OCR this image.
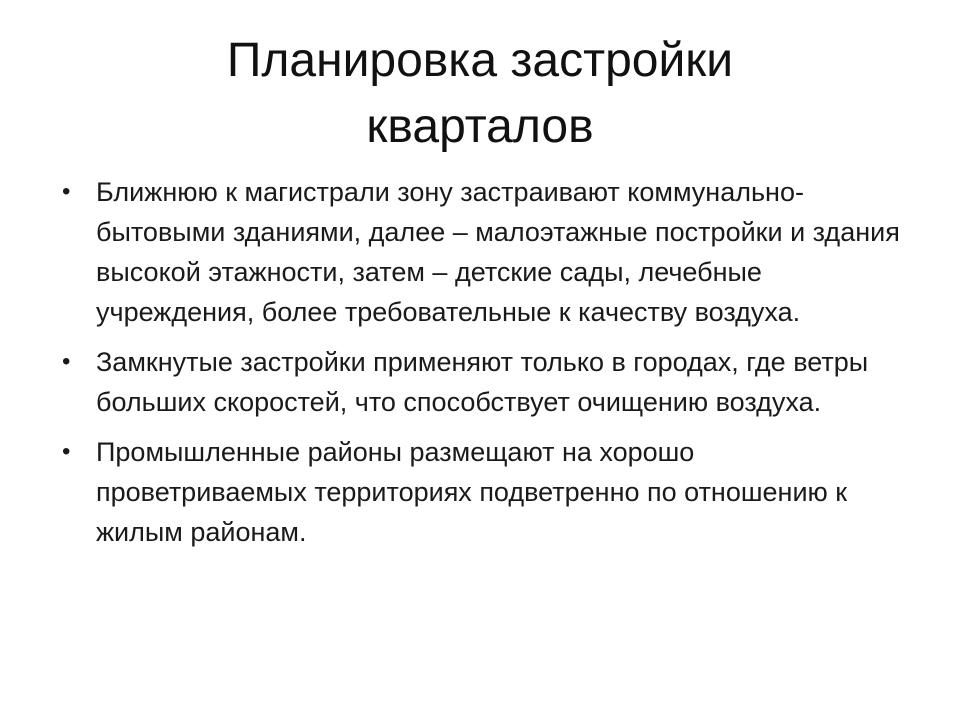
Планировка застройки
кварталов
• Ближнюю к магистрали зону застраивают коммунально-бытовыми зданиями, далее – малоэтажные постройки и здания высокой этажности, затем – детские сады, лечебные учреждения, более требовательные к качеству воздуха.
• Замкнутые застройки применяют только в городах, где ветры больших скоростей, что способствует очищению воздуха.
• Промышленные районы размещают на хорошо проветриваемых территориях подветренно по отношению к жилым районам.
